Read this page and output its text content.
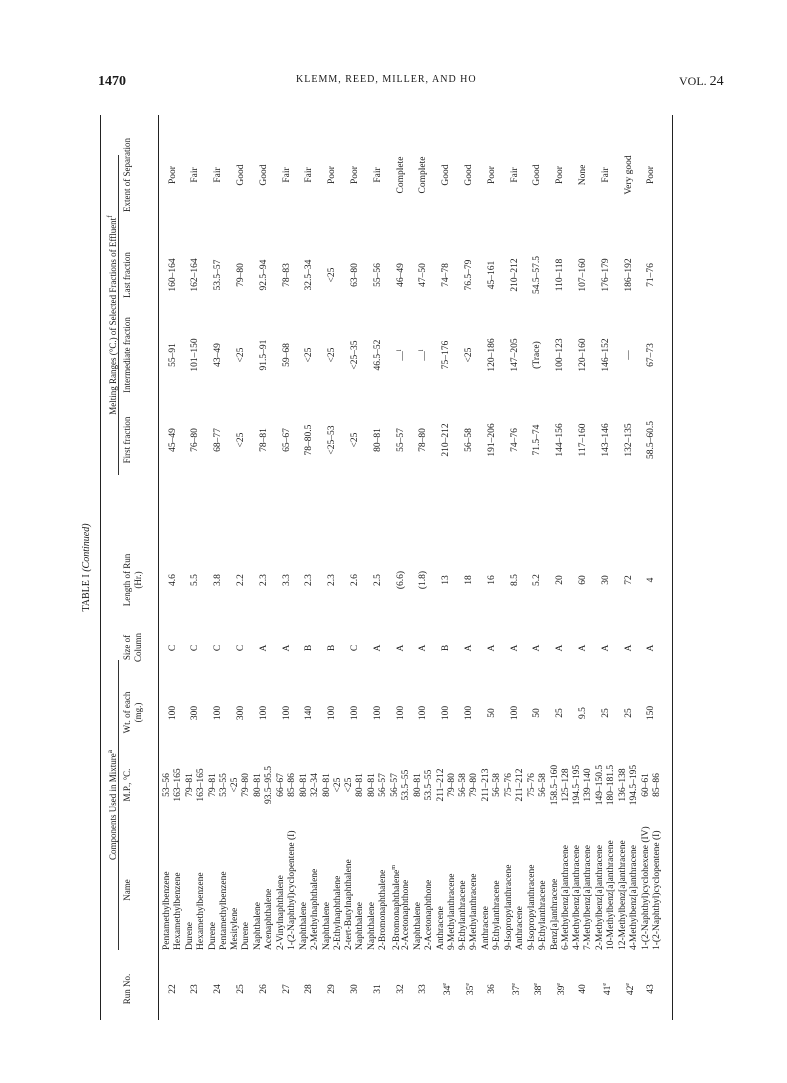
1470	KLEMM, REED, MILLER, AND HO	VOL. 24
TABLE I (Continued)
Components Used in Mixture$^a$
Melting Ranges (°C.) of Selected Fractions of Effluent$^f$
Run No.
Name
M.P., °C.
Wt. of each (mg.)
Size of Column
Length of Run (Hr.)
First fraction
Intermediate fraction
Last fraction
Extent of Separation
22
Pentamethylbenzene
53–56
Hexamethylbenzene
163–165
100
C
4.6
45–49
55–91
160–164
Poor
23
Durene
79–81
Hexamethylbenzene
163–165
300
C
5.5
76–80
101–150
162–164
Fair
24
Durene
79–81
Pentamethylbenzene
53–55
100
C
3.8
68–77
43–49
53.5–57
Fair
25
Mesitylene
<25
Durene
79–80
300
C
2.2
<25
<25
79–80
Good
26
Naphthalene
80–81
Acenaphthalene
93.5–95.5
100
A
2.3
78–81
91.5–91
92.5–94
Good
27
2-Vinylnaphthalene
66–67
1-(2-Naphthyl)cyclopentene (I)
85–86
100
A
3.3
65–67
59–68
78–83
Fair
28
Naphthalene
80–81
2-Methylnaphthalene
32–34
140
B
2.3
78–80.5
<25
32.5–34
Fair
29
Naphthalene
80–81
2-Ethylnaphthalene
<25
100
B
2.3
<25–53
<25
<25
Poor
30
2-tert-Butylnaphthalene
<25
Naphthalene
80–81
100
C
2.6
<25
<25–35
63–80
Poor
31
Naphthalene
80–81
2-Bromonaphthalene
56–57
100
A
2.5
80–81
46.5–52
55–56
Fair
32
2-Bromonaphthalene$^m$
56–57
2-Acetonaphthone
53.5–55
100
A
(6.6)
55–57
—$^l$
46–49
Complete
33
Naphthalene
80–81
2-Acetonaphthone
53.5–55
100
A
(1.8)
78–80
—$^l$
47–50
Complete
34e
Anthracene
211–212
9-Methylanthracene
79–80
100
B
13
210–212
75–176
74–78
Good
35e
9-Ethylanthracene
56–58
9-Methylanthracene
79–80
100
A
18
56–58
<25
76.5–79
Good
36
Anthracene
211–213
9-Ethylanthracene
56–58
50
A
16
191–206
120–186
45–161
Poor
37e
9-Isopropylanthracene
75–76
Anthracene
211–212
100
A
8.5
74–76
147–205
210–212
Fair
38e
9-Isopropylanthracene
75–76
9-Ethylanthracene
56–58
50
A
5.2
71.5–74
(Trace)
54.5–57.5
Good
39e
Benz[a]anthracene
158.5–160
6-Methylbenz[a]anthracene
125–128
25
A
20
144–156
100–123
110–118
Poor
40
4-Methylbenz[a]anthracene
194.5–195
7-Methylbenz[a]anthracene
139–140
9.5
A
60
117–160
120–160
107–160
None
41e
2-Methylbenz[a]anthracene
149–150.5
10-Methylbenz[a]anthracene
180–181.5
25
A
30
143–146
146–152
176–179
Fair
42e
12-Methylbenz[a]anthracene
136–138
4-Methylbenz[a]anthracene
194.5–195
25
A
72
132–135
—
186–192
Very good
43
1-(2-Naphthyl)cyclohexene (IV)
60–61
1-(2-Naphthyl)cyclopentene (I)
85–86
150
A
4
58.5–60.5
67–73
71–76
Poor
